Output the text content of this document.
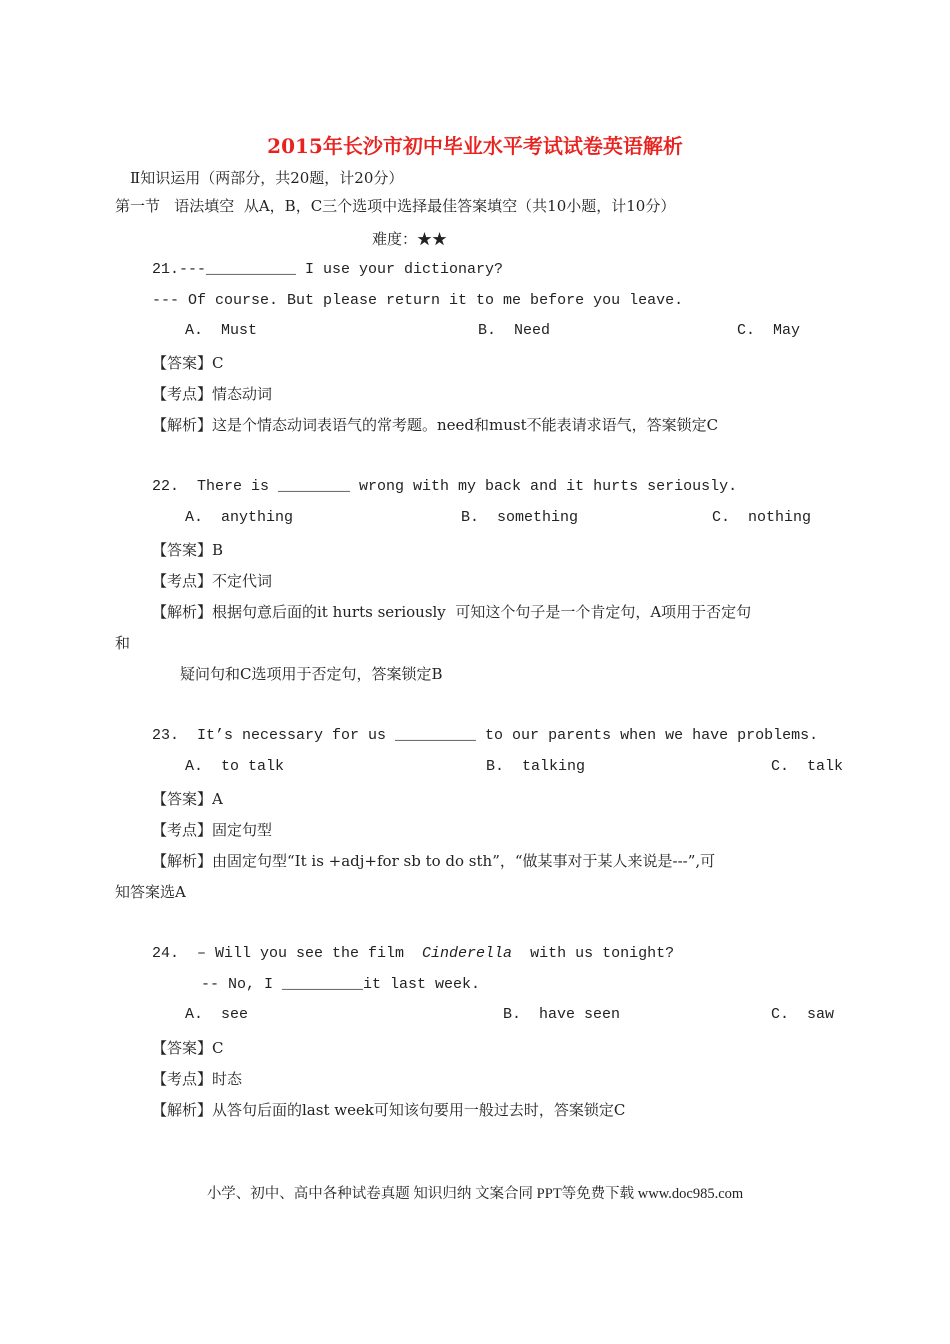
2015年长沙市初中毕业水平考试试卷英语解析
Ⅱ知识运用（两部分，共20题，计20分）
第一节   语法填空  从A，B，C三个选项中选择最佳答案填空（共10小题，计10分）
难度：★★
21.---__________ I use your dictionary?
--- Of course. But please return it to me before you leave.
A.  Must	B.  Need	C.  May
【答案】C
【考点】情态动词
【解析】这是个情态动词表语气的常考题。need和must不能表请求语气，答案锁定C
22.  There is ________ wrong with my back and it hurts seriously.
A.  anything	B.  something	C.  nothing
【答案】B
【考点】不定代词
【解析】根据句意后面的it hurts seriously  可知这个句子是一个肯定句，A项用于否定句
和
疑问句和C选项用于否定句，答案锁定B
23.  It’s necessary for us _________ to our parents when we have problems.
A.  to talk	B.  talking	C.  talk
【答案】A
【考点】固定句型
【解析】由固定句型“It is +adj+for sb to do sth”，“做某事对于某人来说是---”,可
知答案选A
24.  – Will you see the film  Cinderella  with us tonight?
-- No, I _________it last week.
A.  see	B.  have seen	C.  saw
【答案】C
【考点】时态
【解析】从答句后面的last week可知该句要用一般过去时，答案锁定C
小学、初中、高中各种试卷真题 知识归纳 文案合同 PPT等免费下载 www.doc985.com
